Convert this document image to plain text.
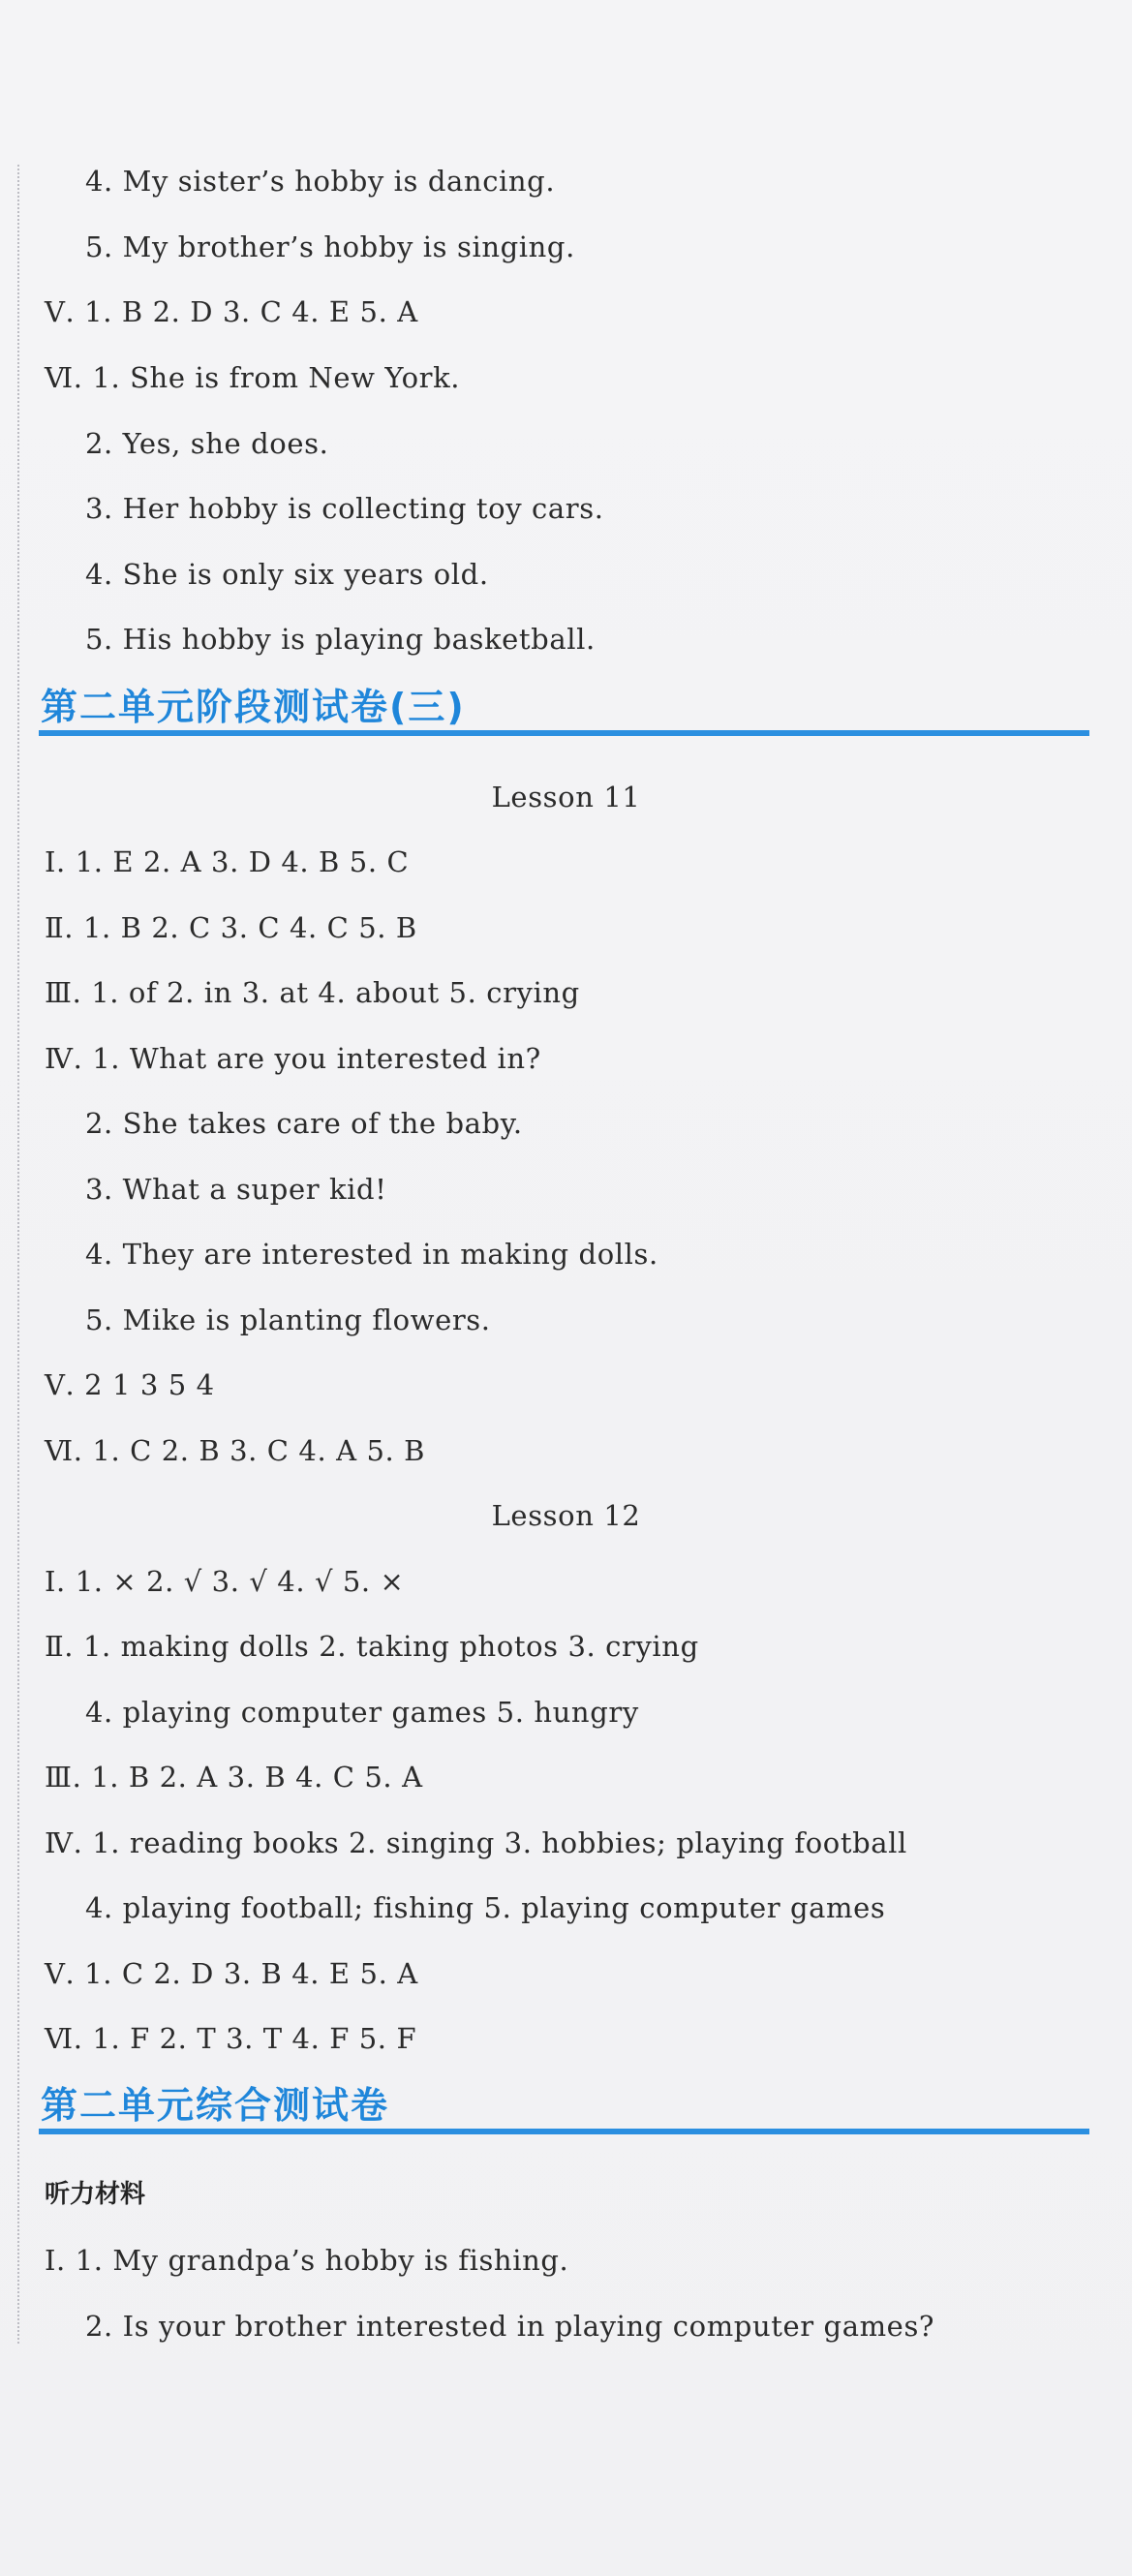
4. My sister’s hobby is dancing.
5. My brother’s hobby is singing.
Ⅴ. 1. B 2. D 3. C 4. E 5. A
Ⅵ. 1. She is from New York.
2. Yes, she does.
3. Her hobby is collecting toy cars.
4. She is only six years old.
5. His hobby is playing basketball.
第二单元阶段测试卷(三)
Lesson 11
Ⅰ. 1. E 2. A 3. D 4. B 5. C
Ⅱ. 1. B 2. C 3. C 4. C 5. B
Ⅲ. 1. of 2. in 3. at 4. about 5. crying
Ⅳ. 1. What are you interested in?
2. She takes care of the baby.
3. What a super kid!
4. They are interested in making dolls.
5. Mike is planting flowers.
Ⅴ. 2 1 3 5 4
Ⅵ. 1. C 2. B 3. C 4. A 5. B
Lesson 12
Ⅰ. 1. × 2. √ 3. √ 4. √ 5. ×
Ⅱ. 1. making dolls 2. taking photos 3. crying
4. playing computer games 5. hungry
Ⅲ. 1. B 2. A 3. B 4. C 5. A
Ⅳ. 1. reading books 2. singing 3. hobbies; playing football
4. playing football; fishing 5. playing computer games
Ⅴ. 1. C 2. D 3. B 4. E 5. A
Ⅵ. 1. F 2. T 3. T 4. F 5. F
第二单元综合测试卷
听力材料
Ⅰ. 1. My grandpa’s hobby is fishing.
2. Is your brother interested in playing computer games?
